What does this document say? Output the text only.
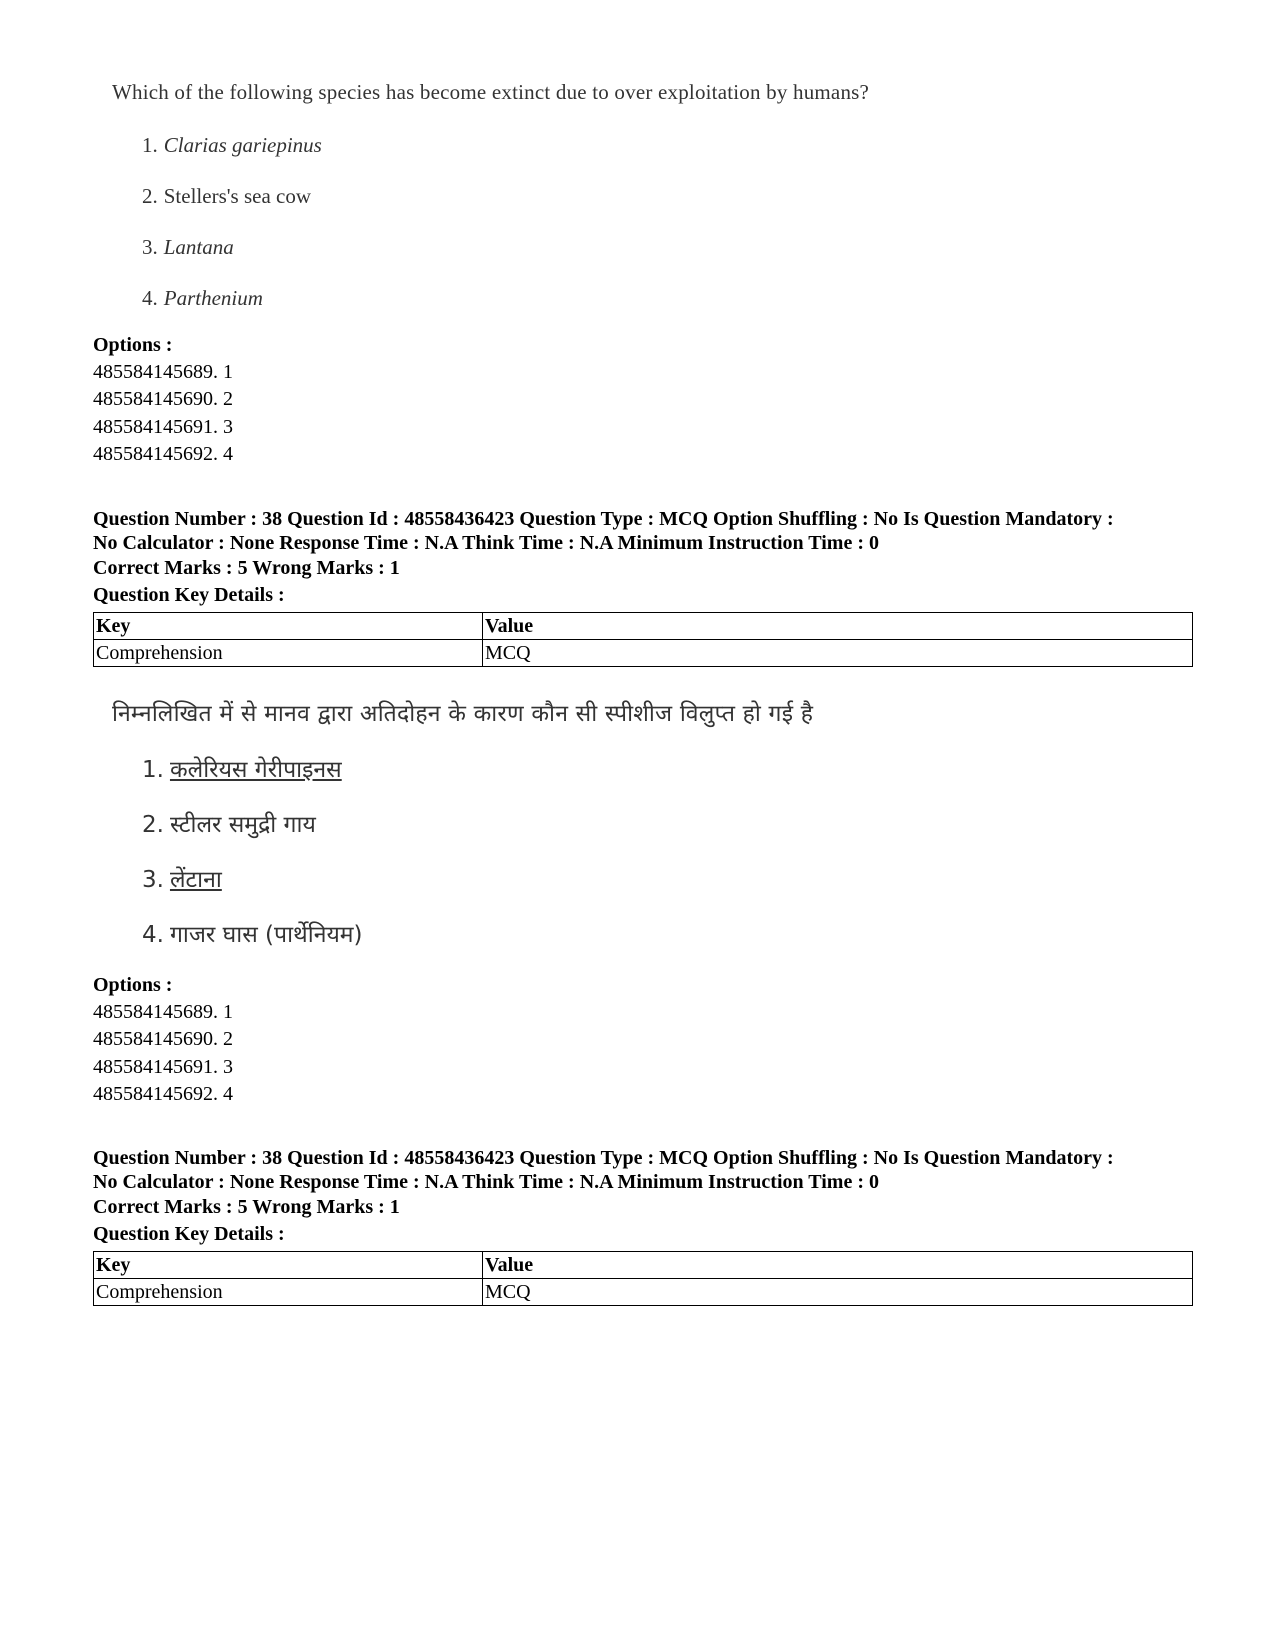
Which of the following species has become extinct due to over exploitation by humans?
1. Clarias gariepinus
2. Stellers's sea cow
3. Lantana
4. Parthenium
Options :
485584145689. 1
485584145690. 2
485584145691. 3
485584145692. 4
Question Number : 38 Question Id : 48558436423 Question Type : MCQ Option Shuffling : No Is Question Mandatory :
No Calculator : None Response Time : N.A Think Time : N.A Minimum Instruction Time : 0
Correct Marks : 5 Wrong Marks : 1
Question Key Details :
Key	Value
Comprehension	MCQ
निम्नलिखित में से मानव द्वारा अतिदोहन के कारण कौन सी स्पीशीज विलुप्त हो गई है
1. कलेरियस गेरीपाइनस
2. स्टीलर समुद्री गाय
3. लेंटाना
4. गाजर घास (पार्थेनियम)
Options :
485584145689. 1
485584145690. 2
485584145691. 3
485584145692. 4
Question Number : 38 Question Id : 48558436423 Question Type : MCQ Option Shuffling : No Is Question Mandatory :
No Calculator : None Response Time : N.A Think Time : N.A Minimum Instruction Time : 0
Correct Marks : 5 Wrong Marks : 1
Question Key Details :
Key	Value
Comprehension	MCQ
